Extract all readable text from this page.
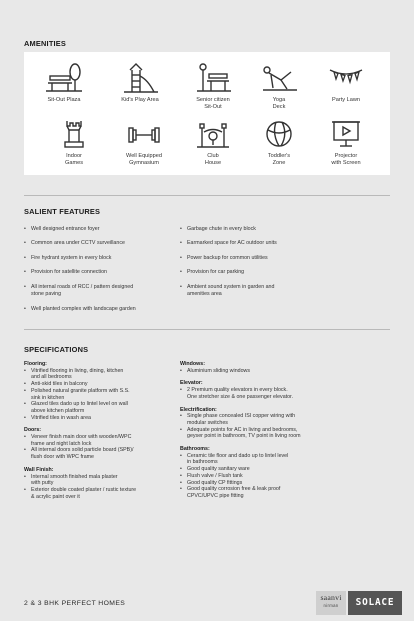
AMENITIES
Sit-Out Plaza	Kid's Play Area	Senior citizen
Sit-Out
Yoga
Deck
Party Lawn
Indoor
Games
Well Equipped
Gymnasium
Club
House
Toddler's
Zone
Projector
with Screen
SALIENT FEATURES
• Well designed entrance foyer
• Common area under CCTV surveillance
• Fire hydrant system in every block
• Provision for satellite connection
• All internal roads of RCC / pattern designed
stone paving
• Well planted complex with landscape garden
• Garbage chute in every block
• Earmarked space for AC outdoor units
• Power backup for common utilities
• Provision for car parking
• Ambient sound system in garden and
amenities area
SPECIFICATIONS
Flooring:
• Vitrified flooring in living, dining, kitchen
and all bedrooms
• Anti-skid tiles in balcony
• Polished natural granite platform with S.S.
sink in kitchen
• Glazed tiles dado up to lintel level on wall
above kitchen platform
• Vitrified tiles in wash area
Doors:
• Veneer finish main door with wooden/WPC
frame and night latch lock
• All internal doors solid particle board (SPB)/
flush door with WPC frame
Wall Finish:
• Internal smooth finished mala plaster
with putty
• Exterior double coated plaster / rustic texture
& acrylic paint over it
Windows:
• Aluminium sliding windows
Elevator:
• 2 Premium quality elevators in every block.
One stretcher size & one passenger elevator.
Electrification:
• Single phase concealed ISI copper wiring with
modular switches
• Adequate points for AC in living and bedrooms,
geyser point in bathroom, TV point in living room
Bathrooms:
• Ceramic tile floor and dado up to lintel level
in bathrooms
• Good quality sanitary ware
• Flush valve / Flush tank
• Good quality CP fittings
• Good quality corrosion free & leak proof
CPVC/UPVC pipe fitting
2 & 3 BHK PERFECT HOMES
saanvi
nirman	SOLACE
